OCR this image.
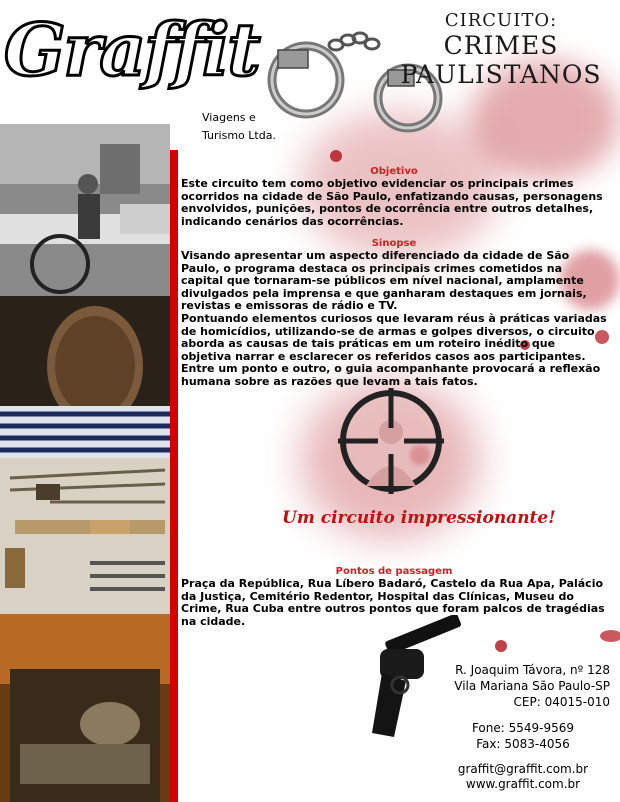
Graffit
Viagens e
Turismo Ltda.
CIRCUITO:
CRIMES
PAULISTANOS
Objetivo

Este circuito tem como objetivo evidenciar os principais crimes ocorridos na cidade de São Paulo, enfatizando causas, personagens envolvidos, punições, pontos de ocorrência entre outros detalhes, indicando cenários das ocorrências.

Sinopse

Visando apresentar um aspecto diferenciado da cidade de São Paulo, o programa destaca os principais crimes cometidos na capital que tornaram-se públicos em nível nacional, amplamente divulgados pela imprensa e que ganharam destaques em jornais, revistas e emissoras de rádio e TV.

Pontuando elementos curiosos que levaram réus à práticas variadas de homicídios, utilizando-se de armas e golpes diversos, o circuito aborda as causas de tais práticas em um roteiro inédito que objetiva narrar e esclarecer os referidos casos aos participantes.

Entre um ponto e outro, o guia acompanhante provocará a reflexão humana sobre as razões que levam a tais fatos.

Um circuito impressionante!
Pontos de passagem

Praça da República, Rua Líbero Badaró, Castelo da Rua Apa, Palácio da Justiça, Cemitério Redentor, Hospital das Clínicas, Museu do Crime, Rua Cuba entre outros pontos que foram palcos de tragédias na cidade.

R. Joaquim Távora, nº 128
Vila Mariana São Paulo-SP
CEP: 04015-010
Fone: 5549-9569
Fax: 5083-4056
graffit@graffit.com.br
www.graffit.com.br
